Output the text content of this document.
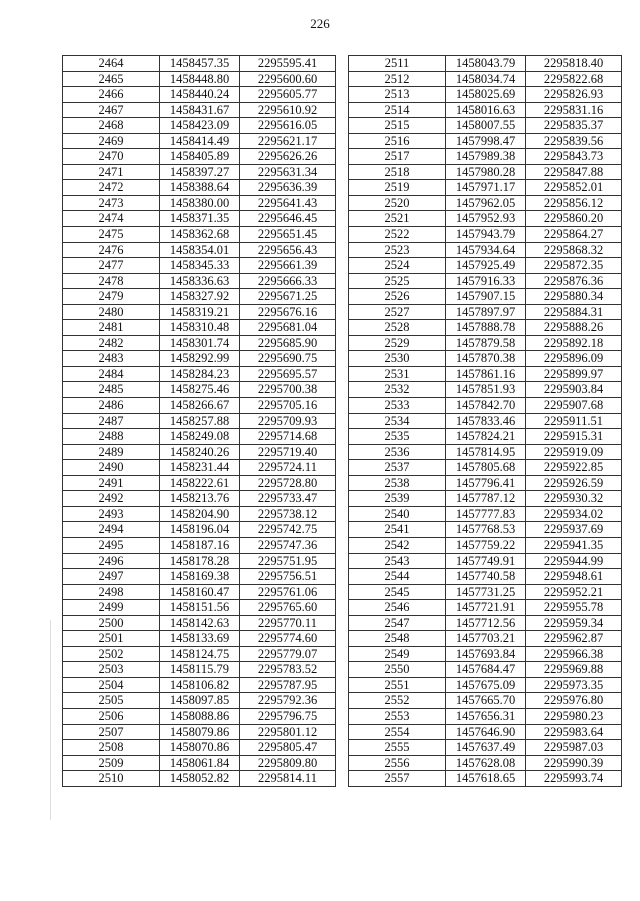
226
2464	1458457.35	2295595.41
2465	1458448.80	2295600.60
2466	1458440.24	2295605.77
2467	1458431.67	2295610.92
2468	1458423.09	2295616.05
2469	1458414.49	2295621.17
2470	1458405.89	2295626.26
2471	1458397.27	2295631.34
2472	1458388.64	2295636.39
2473	1458380.00	2295641.43
2474	1458371.35	2295646.45
2475	1458362.68	2295651.45
2476	1458354.01	2295656.43
2477	1458345.33	2295661.39
2478	1458336.63	2295666.33
2479	1458327.92	2295671.25
2480	1458319.21	2295676.16
2481	1458310.48	2295681.04
2482	1458301.74	2295685.90
2483	1458292.99	2295690.75
2484	1458284.23	2295695.57
2485	1458275.46	2295700.38
2486	1458266.67	2295705.16
2487	1458257.88	2295709.93
2488	1458249.08	2295714.68
2489	1458240.26	2295719.40
2490	1458231.44	2295724.11
2491	1458222.61	2295728.80
2492	1458213.76	2295733.47
2493	1458204.90	2295738.12
2494	1458196.04	2295742.75
2495	1458187.16	2295747.36
2496	1458178.28	2295751.95
2497	1458169.38	2295756.51
2498	1458160.47	2295761.06
2499	1458151.56	2295765.60
2500	1458142.63	2295770.11
2501	1458133.69	2295774.60
2502	1458124.75	2295779.07
2503	1458115.79	2295783.52
2504	1458106.82	2295787.95
2505	1458097.85	2295792.36
2506	1458088.86	2295796.75
2507	1458079.86	2295801.12
2508	1458070.86	2295805.47
2509	1458061.84	2295809.80
2510	1458052.82	2295814.11
2511	1458043.79	2295818.40
2512	1458034.74	2295822.68
2513	1458025.69	2295826.93
2514	1458016.63	2295831.16
2515	1458007.55	2295835.37
2516	1457998.47	2295839.56
2517	1457989.38	2295843.73
2518	1457980.28	2295847.88
2519	1457971.17	2295852.01
2520	1457962.05	2295856.12
2521	1457952.93	2295860.20
2522	1457943.79	2295864.27
2523	1457934.64	2295868.32
2524	1457925.49	2295872.35
2525	1457916.33	2295876.36
2526	1457907.15	2295880.34
2527	1457897.97	2295884.31
2528	1457888.78	2295888.26
2529	1457879.58	2295892.18
2530	1457870.38	2295896.09
2531	1457861.16	2295899.97
2532	1457851.93	2295903.84
2533	1457842.70	2295907.68
2534	1457833.46	2295911.51
2535	1457824.21	2295915.31
2536	1457814.95	2295919.09
2537	1457805.68	2295922.85
2538	1457796.41	2295926.59
2539	1457787.12	2295930.32
2540	1457777.83	2295934.02
2541	1457768.53	2295937.69
2542	1457759.22	2295941.35
2543	1457749.91	2295944.99
2544	1457740.58	2295948.61
2545	1457731.25	2295952.21
2546	1457721.91	2295955.78
2547	1457712.56	2295959.34
2548	1457703.21	2295962.87
2549	1457693.84	2295966.38
2550	1457684.47	2295969.88
2551	1457675.09	2295973.35
2552	1457665.70	2295976.80
2553	1457656.31	2295980.23
2554	1457646.90	2295983.64
2555	1457637.49	2295987.03
2556	1457628.08	2295990.39
2557	1457618.65	2295993.74
